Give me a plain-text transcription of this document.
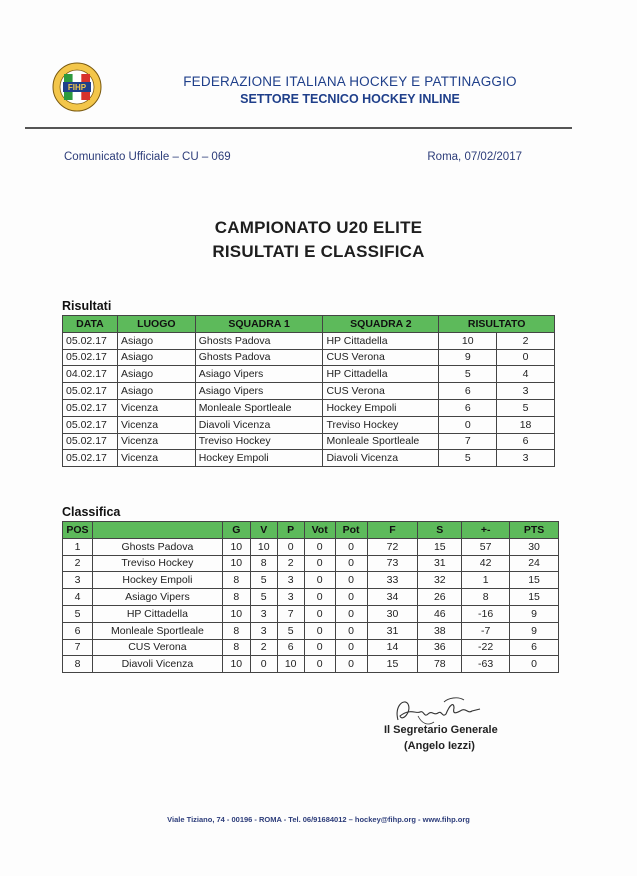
FIHP	FEDERAZIONE ITALIANA HOCKEY E PATTINAGGIO
SETTORE TECNICO HOCKEY INLINE
Comunicato Ufficiale – CU – 069	Roma, 07/02/2017
CAMPIONATO U20 ELITE
RISULTATI E CLASSIFICA
Risultati
DATA	LUOGO	SQUADRA 1	SQUADRA 2	RISULTATO	
05.02.17	Asiago	Ghosts Padova	HP Cittadella	10	2
05.02.17	Asiago	Ghosts Padova	CUS Verona	9	0
04.02.17	Asiago	Asiago Vipers	HP Cittadella	5	4
05.02.17	Asiago	Asiago Vipers	CUS Verona	6	3
05.02.17	Vicenza	Monleale Sportleale	Hockey Empoli	6	5
05.02.17	Vicenza	Diavoli Vicenza	Treviso Hockey	0	18
05.02.17	Vicenza	Treviso Hockey	Monleale Sportleale	7	6
05.02.17	Vicenza	Hockey Empoli	Diavoli Vicenza	5	3
Classifica
POS		G	V	P	Vot	Pot	F	S	+-	PTS
1	Ghosts Padova	10	10	0	0	0	72	15	57	30
2	Treviso Hockey	10	8	2	0	0	73	31	42	24
3	Hockey Empoli	8	5	3	0	0	33	32	1	15
4	Asiago Vipers	8	5	3	0	0	34	26	8	15
5	HP Cittadella	10	3	7	0	0	30	46	-16	9
6	Monleale Sportleale	8	3	5	0	0	31	38	-7	9
7	CUS Verona	8	2	6	0	0	14	36	-22	6
8	Diavoli Vicenza	10	0	10	0	0	15	78	-63	0
Il Segretario Generale
(Angelo Iezzi)
Viale Tiziano, 74 - 00196 - ROMA - Tel. 06/91684012 – hockey@fihp.org - www.fihp.org
